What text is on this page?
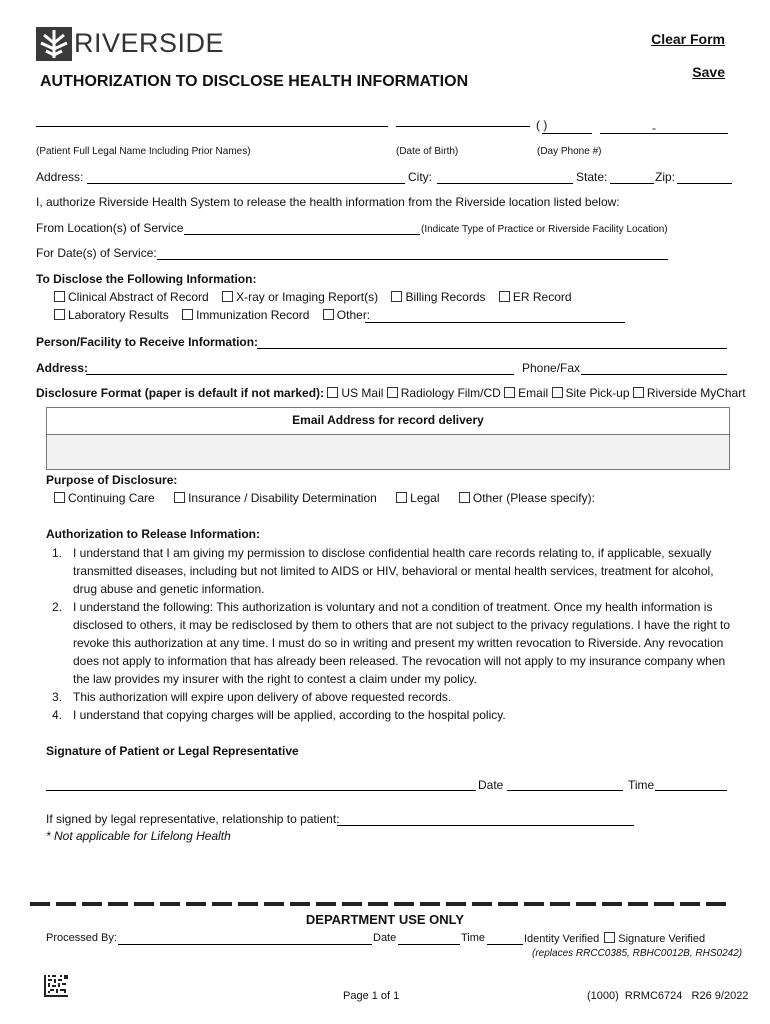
RIVERSIDE	Clear Form
Save
AUTHORIZATION TO DISCLOSE HEALTH INFORMATION
( )	-
(Patient Full Legal Name Including Prior Names)	(Date of Birth)	(Day Phone #)
Address:	City:	State:	Zip:
I, authorize Riverside Health System to release the health information from the Riverside location listed below:
From Location(s) of Service	(Indicate Type of Practice or Riverside Facility Location)
For Date(s) of Service:
To Disclose the Following Information:
Clinical Abstract of Record X-ray or Imaging Report(s) Billing Records ER Record
Laboratory Results Immunization Record Other:
Person/Facility to Receive Information:
Address:	Phone/Fax
Disclosure Format (paper is default if not marked): US Mail Radiology Film/CD Email Site Pick-up Riverside MyChart
Email Address for record delivery
Purpose of Disclosure:
Continuing Care	Insurance / Disability Determination	Legal	Other (Please specify):
Authorization to Release Information:
1. I understand that I am giving my permission to disclose confidential health care records relating to, if applicable, sexually transmitted diseases, including but not limited to AIDS or HIV, behavioral or mental health services, treatment for alcohol, drug abuse and genetic information.
2. I understand the following: This authorization is voluntary and not a condition of treatment. Once my health information is disclosed to others, it may be redisclosed by them to others that are not subject to the privacy regulations. I have the right to revoke this authorization at any time. I must do so in writing and present my written revocation to Riverside. Any revocation does not apply to information that has already been released. The revocation will not apply to my insurance company when the law provides my insurer with the right to contest a claim under my policy.
3. This authorization will expire upon delivery of above requested records.
4. I understand that copying charges will be applied, according to the hospital policy.
Signature of Patient or Legal Representative
Date	Time
If signed by legal representative, relationship to patient:
* Not applicable for Lifelong Health
DEPARTMENT USE ONLY
Processed By:	Date	Time	Identity Verified Signature Verified
(replaces RRCC0385, RBHC0012B, RHS0242)
Page 1 of 1	(1000)  RRMC6724   R26 9/2022
